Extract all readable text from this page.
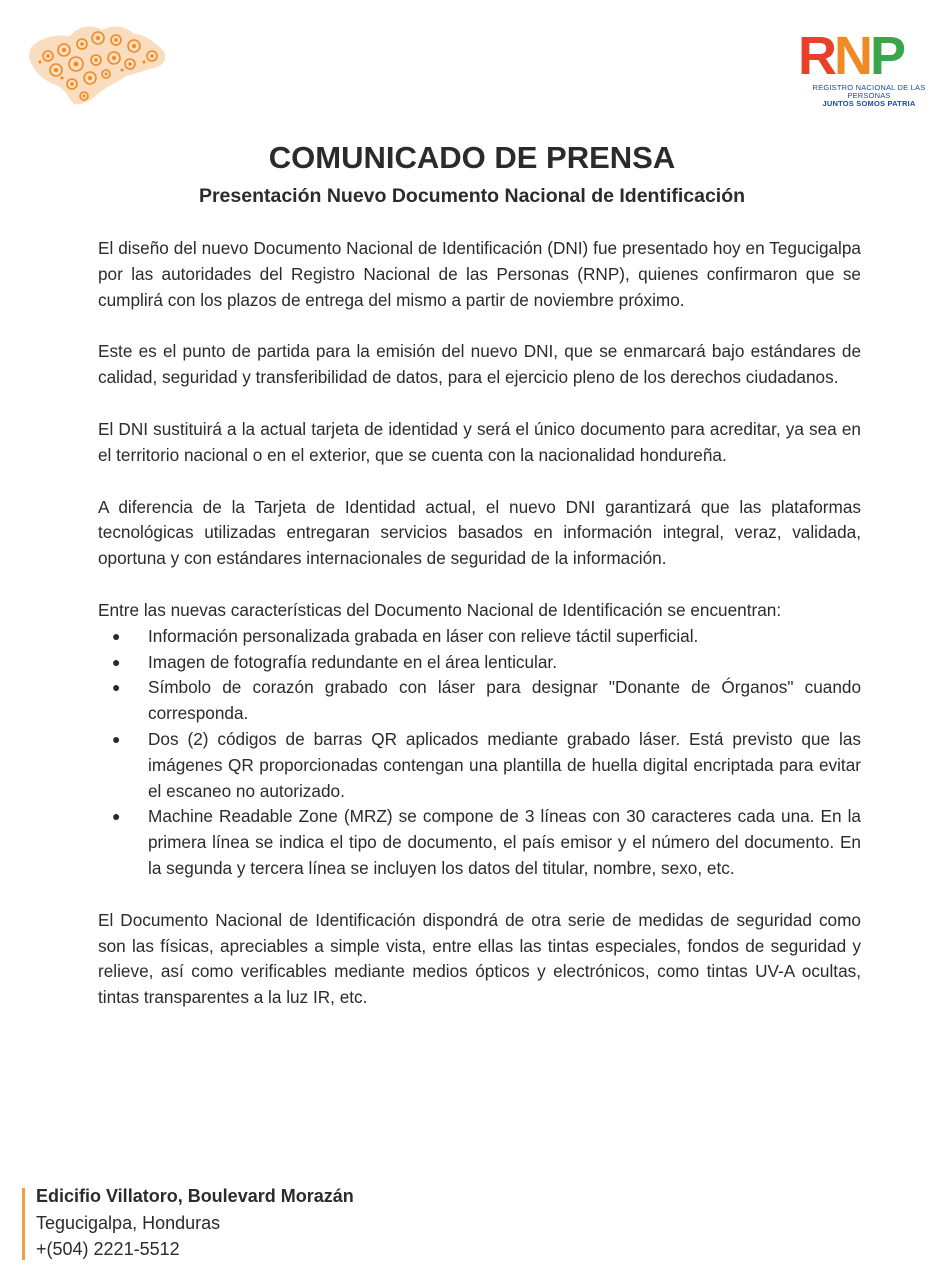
RNP
REGISTRO NACIONAL DE LAS PERSONAS
JUNTOS SOMOS PATRIA
COMUNICADO DE PRENSA
Presentación Nuevo Documento Nacional de Identificación

El diseño del nuevo Documento Nacional de Identificación (DNI) fue presentado hoy en Tegucigalpa por las autoridades del Registro Nacional de las Personas (RNP), quienes confirmaron que se cumplirá con los plazos de entrega del mismo a partir de noviembre próximo.

Este es el punto de partida para la emisión del nuevo DNI, que se enmarcará bajo estándares de calidad, seguridad y transferibilidad de datos, para el ejercicio pleno de los derechos ciudadanos.

El DNI sustituirá a la actual tarjeta de identidad y será el único documento para acreditar, ya sea en el territorio nacional o en el exterior, que se cuenta con la nacionalidad hondureña.

A diferencia de la Tarjeta de Identidad actual, el nuevo DNI garantizará que las plataformas tecnológicas utilizadas entregaran servicios basados en información integral, veraz, validada, oportuna y con estándares internacionales de seguridad de la información.

Entre las nuevas características del Documento Nacional de Identificación se encuentran:

● Información personalizada grabada en láser con relieve táctil superficial.
● Imagen de fotografía redundante en el área lenticular.
● Símbolo de corazón grabado con láser para designar "Donante de Órganos" cuando corresponda.
● Dos (2) códigos de barras QR aplicados mediante grabado láser. Está previsto que las imágenes QR proporcionadas contengan una plantilla de huella digital encriptada para evitar el escaneo no autorizado.
● Machine Readable Zone (MRZ) se compone de 3 líneas con 30 caracteres cada una. En la primera línea se indica el tipo de documento, el país emisor y el número del documento. En la segunda y tercera línea se incluyen los datos del titular, nombre, sexo, etc.

El Documento Nacional de Identificación dispondrá de otra serie de medidas de seguridad como son las físicas, apreciables a simple vista, entre ellas las tintas especiales, fondos de seguridad y relieve, así como verificables mediante medios ópticos y electrónicos, como tintas UV-A ocultas, tintas transparentes a la luz IR, etc.

Edicifio Villatoro, Boulevard Morazán
Tegucigalpa, Honduras
+(504) 2221-5512
